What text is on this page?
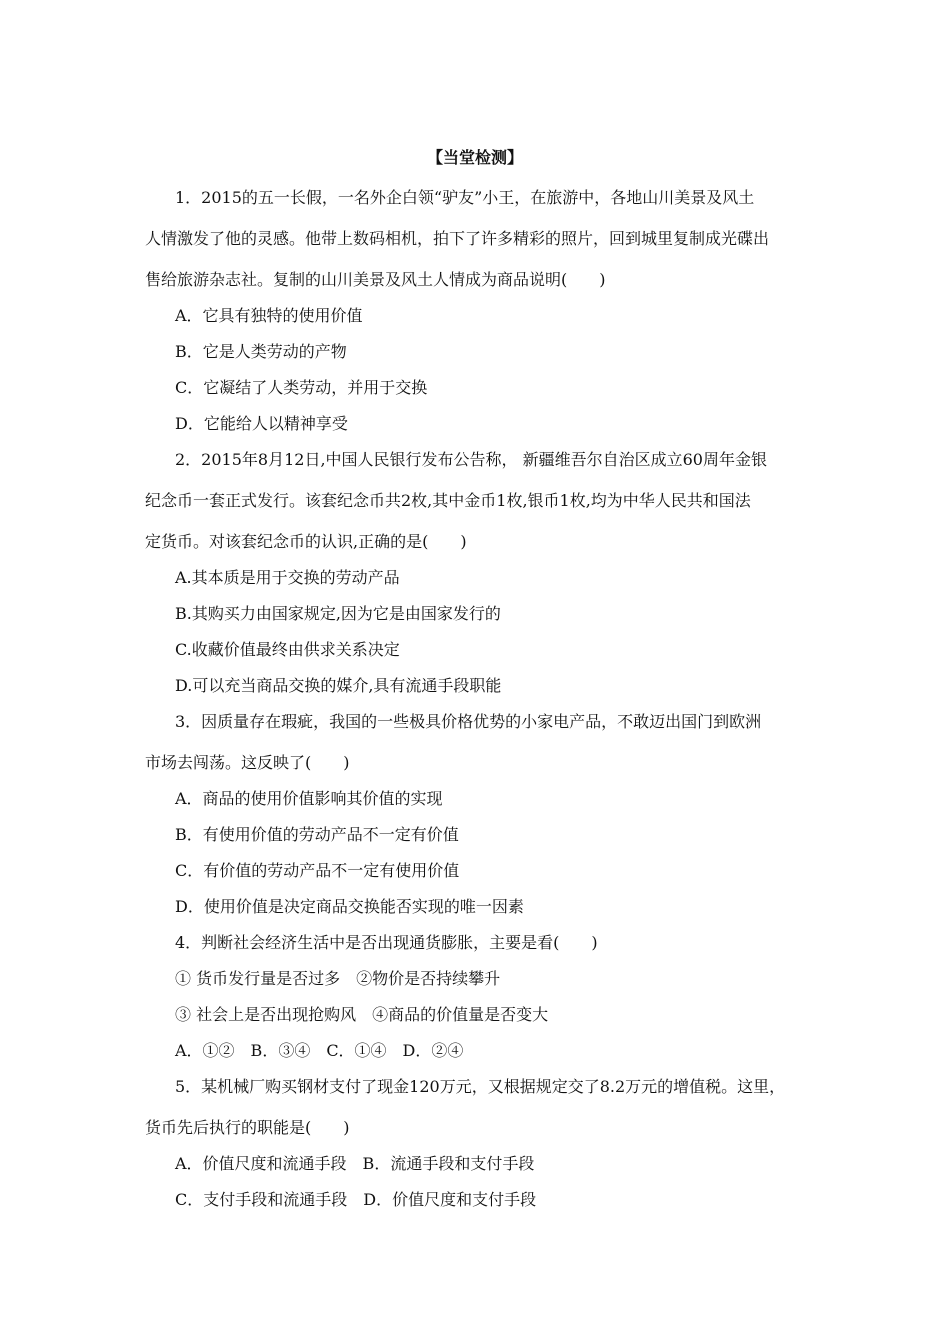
【当堂检测】

1．2015的五一长假，一名外企白领“驴友”小王，在旅游中，各地山川美景及风土

人情激发了他的灵感。他带上数码相机，拍下了许多精彩的照片，回到城里复制成光碟出

售给旅游杂志社。复制的山川美景及风土人情成为商品说明(　　)

A．它具有独特的使用价值

B．它是人类劳动的产物

C．它凝结了人类劳动，并用于交换

D．它能给人以精神享受

2．2015年8月12日,中国人民银行发布公告称， 新疆维吾尔自治区成立60周年金银

纪念币一套正式发行。该套纪念币共2枚,其中金币1枚,银币1枚,均为中华人民共和国法

定货币。对该套纪念币的认识,正确的是(　　)

A.其本质是用于交换的劳动产品

B.其购买力由国家规定,因为它是由国家发行的

C.收藏价值最终由供求关系决定

D.可以充当商品交换的媒介,具有流通手段职能

3．因质量存在瑕疵，我国的一些极具价格优势的小家电产品，不敢迈出国门到欧洲

市场去闯荡。这反映了(　　)

A．商品的使用价值影响其价值的实现

B．有使用价值的劳动产品不一定有价值

C．有价值的劳动产品不一定有使用价值

D．使用价值是决定商品交换能否实现的唯一因素

4．判断社会经济生活中是否出现通货膨胀，主要是看(　　)

① 货币发行量是否过多　②物价是否持续攀升

③ 社会上是否出现抢购风　④商品的价值量是否变大

A．①②　B．③④　C．①④　D．②④

5．某机械厂购买钢材支付了现金120万元，又根据规定交了8.2万元的增值税。这里，

货币先后执行的职能是(　　)

A．价值尺度和流通手段　B．流通手段和支付手段

C．支付手段和流通手段　D．价值尺度和支付手段
